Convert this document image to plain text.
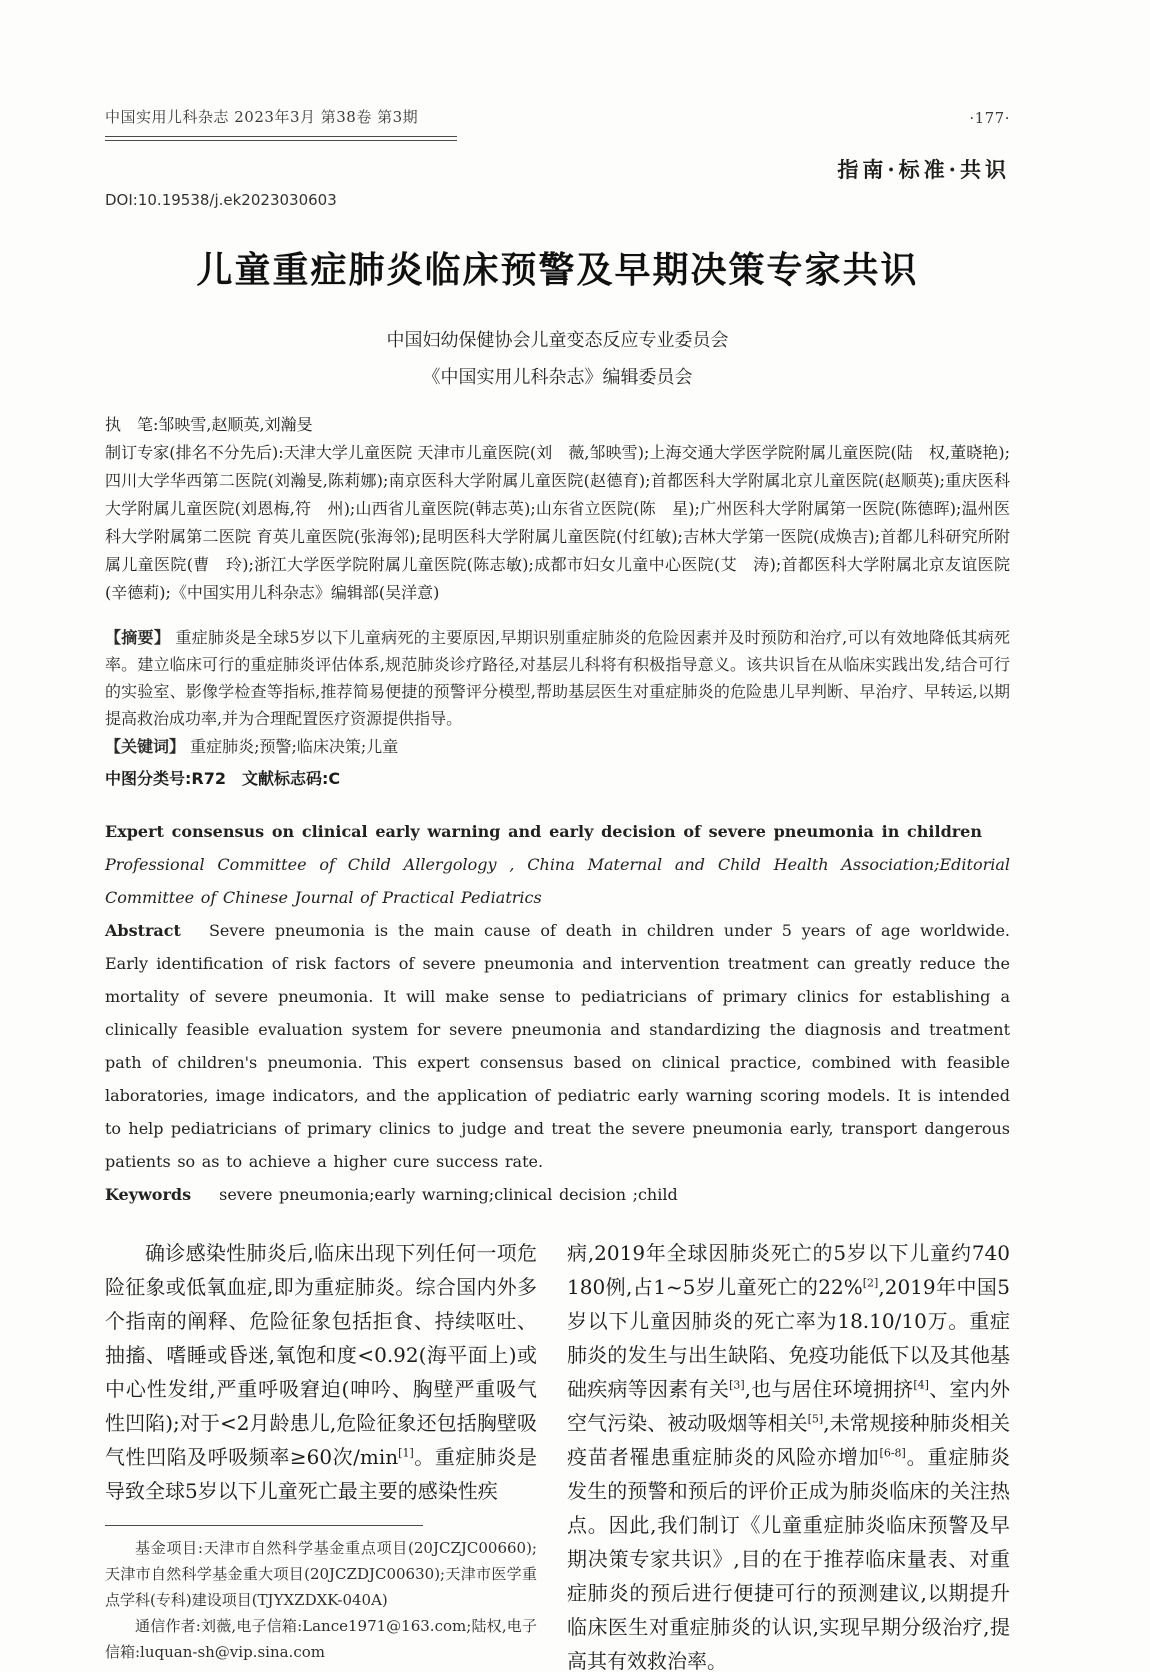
中国实用儿科杂志 2023年3月 第38卷 第3期	·177·
指南·标准·共识
DOI:10.19538/j.ek2023030603
儿童重症肺炎临床预警及早期决策专家共识
中国妇幼保健协会儿童变态反应专业委员会
《中国实用儿科杂志》编辑委员会

执　笔:邹映雪,赵顺英,刘瀚旻

制订专家(排名不分先后):天津大学儿童医院 天津市儿童医院(刘　薇,邹映雪);上海交通大学医学院附属儿童医院(陆　权,董晓艳);四川大学华西第二医院(刘瀚旻,陈莉娜);南京医科大学附属儿童医院(赵德育);首都医科大学附属北京儿童医院(赵顺英);重庆医科大学附属儿童医院(刘恩梅,符　州);山西省儿童医院(韩志英);山东省立医院(陈　星);广州医科大学附属第一医院(陈德晖);温州医科大学附属第二医院 育英儿童医院(张海邻);昆明医科大学附属儿童医院(付红敏);吉林大学第一医院(成焕吉);首都儿科研究所附属儿童医院(曹　玲);浙江大学医学院附属儿童医院(陈志敏);成都市妇女儿童中心医院(艾　涛);首都医科大学附属北京友谊医院(辛德莉);《中国实用儿科杂志》编辑部(吴洋意)

【摘要】 重症肺炎是全球5岁以下儿童病死的主要原因,早期识别重症肺炎的危险因素并及时预防和治疗,可以有效地降低其病死率。建立临床可行的重症肺炎评估体系,规范肺炎诊疗路径,对基层儿科将有积极指导意义。该共识旨在从临床实践出发,结合可行的实验室、影像学检查等指标,推荐简易便捷的预警评分模型,帮助基层医生对重症肺炎的危险患儿早判断、早治疗、早转运,以期提高救治成功率,并为合理配置医疗资源提供指导。

【关键词】 重症肺炎;预警;临床决策;儿童

中图分类号:R72　文献标志码:C

Expert consensus on clinical early warning and early decision of severe pneumonia in childrenProfessional Committee of Child Allergology , China Maternal and Child Health Association;Editorial Committee of Chinese Journal of Practical Pediatrics

Abstract Severe pneumonia is the main cause of death in children under 5 years of age worldwide. Early identification of risk factors of severe pneumonia and intervention treatment can greatly reduce the mortality of severe pneumonia. It will make sense to pediatricians of primary clinics for establishing a clinically feasible evaluation system for severe pneumonia and standardizing the diagnosis and treatment path of children's pneumonia. This expert consensus based on clinical practice, combined with feasible laboratories, image indicators, and the application of pediatric early warning scoring models. It is intended to help pediatricians of primary clinics to judge and treat the severe pneumonia early, transport dangerous patients so as to achieve a higher cure success rate.

Keywords severe pneumonia;early warning;clinical decision ;child

确诊感染性肺炎后,临床出现下列任何一项危险征象或低氧血症,即为重症肺炎。综合国内外多个指南的阐释、危险征象包括拒食、持续呕吐、抽搐、嗜睡或昏迷,氧饱和度<0.92(海平面上)或中心性发绀,严重呼吸窘迫(呻吟、胸壁严重吸气性凹陷);对于<2月龄患儿,危险征象还包括胸壁吸气性凹陷及呼吸频率≥60次/min[1]。重症肺炎是导致全球5岁以下儿童死亡最主要的感染性疾

基金项目:天津市自然科学基金重点项目(20JCZJC00660);天津市自然科学基金重大项目(20JCZDJC00630);天津市医学重点学科(专科)建设项目(TJYXZDXK-040A)

通信作者:刘薇,电子信箱:Lance1971@163.com;陆权,电子信箱:luquan-sh@vip.sina.com

病,2019年全球因肺炎死亡的5岁以下儿童约740 180例,占1~5岁儿童死亡的22%[2],2019年中国5岁以下儿童因肺炎的死亡率为18.10/10万。重症肺炎的发生与出生缺陷、免疫功能低下以及其他基础疾病等因素有关[3],也与居住环境拥挤[4]、室内外空气污染、被动吸烟等相关[5],未常规接种肺炎相关疫苗者罹患重症肺炎的风险亦增加[6-8]。重症肺炎发生的预警和预后的评价正成为肺炎临床的关注热点。因此,我们制订《儿童重症肺炎临床预警及早期决策专家共识》,目的在于推荐临床量表、对重症肺炎的预后进行便捷可行的预测建议,以期提升临床医生对重症肺炎的认识,实现早期分级治疗,提高其有效救治率。
